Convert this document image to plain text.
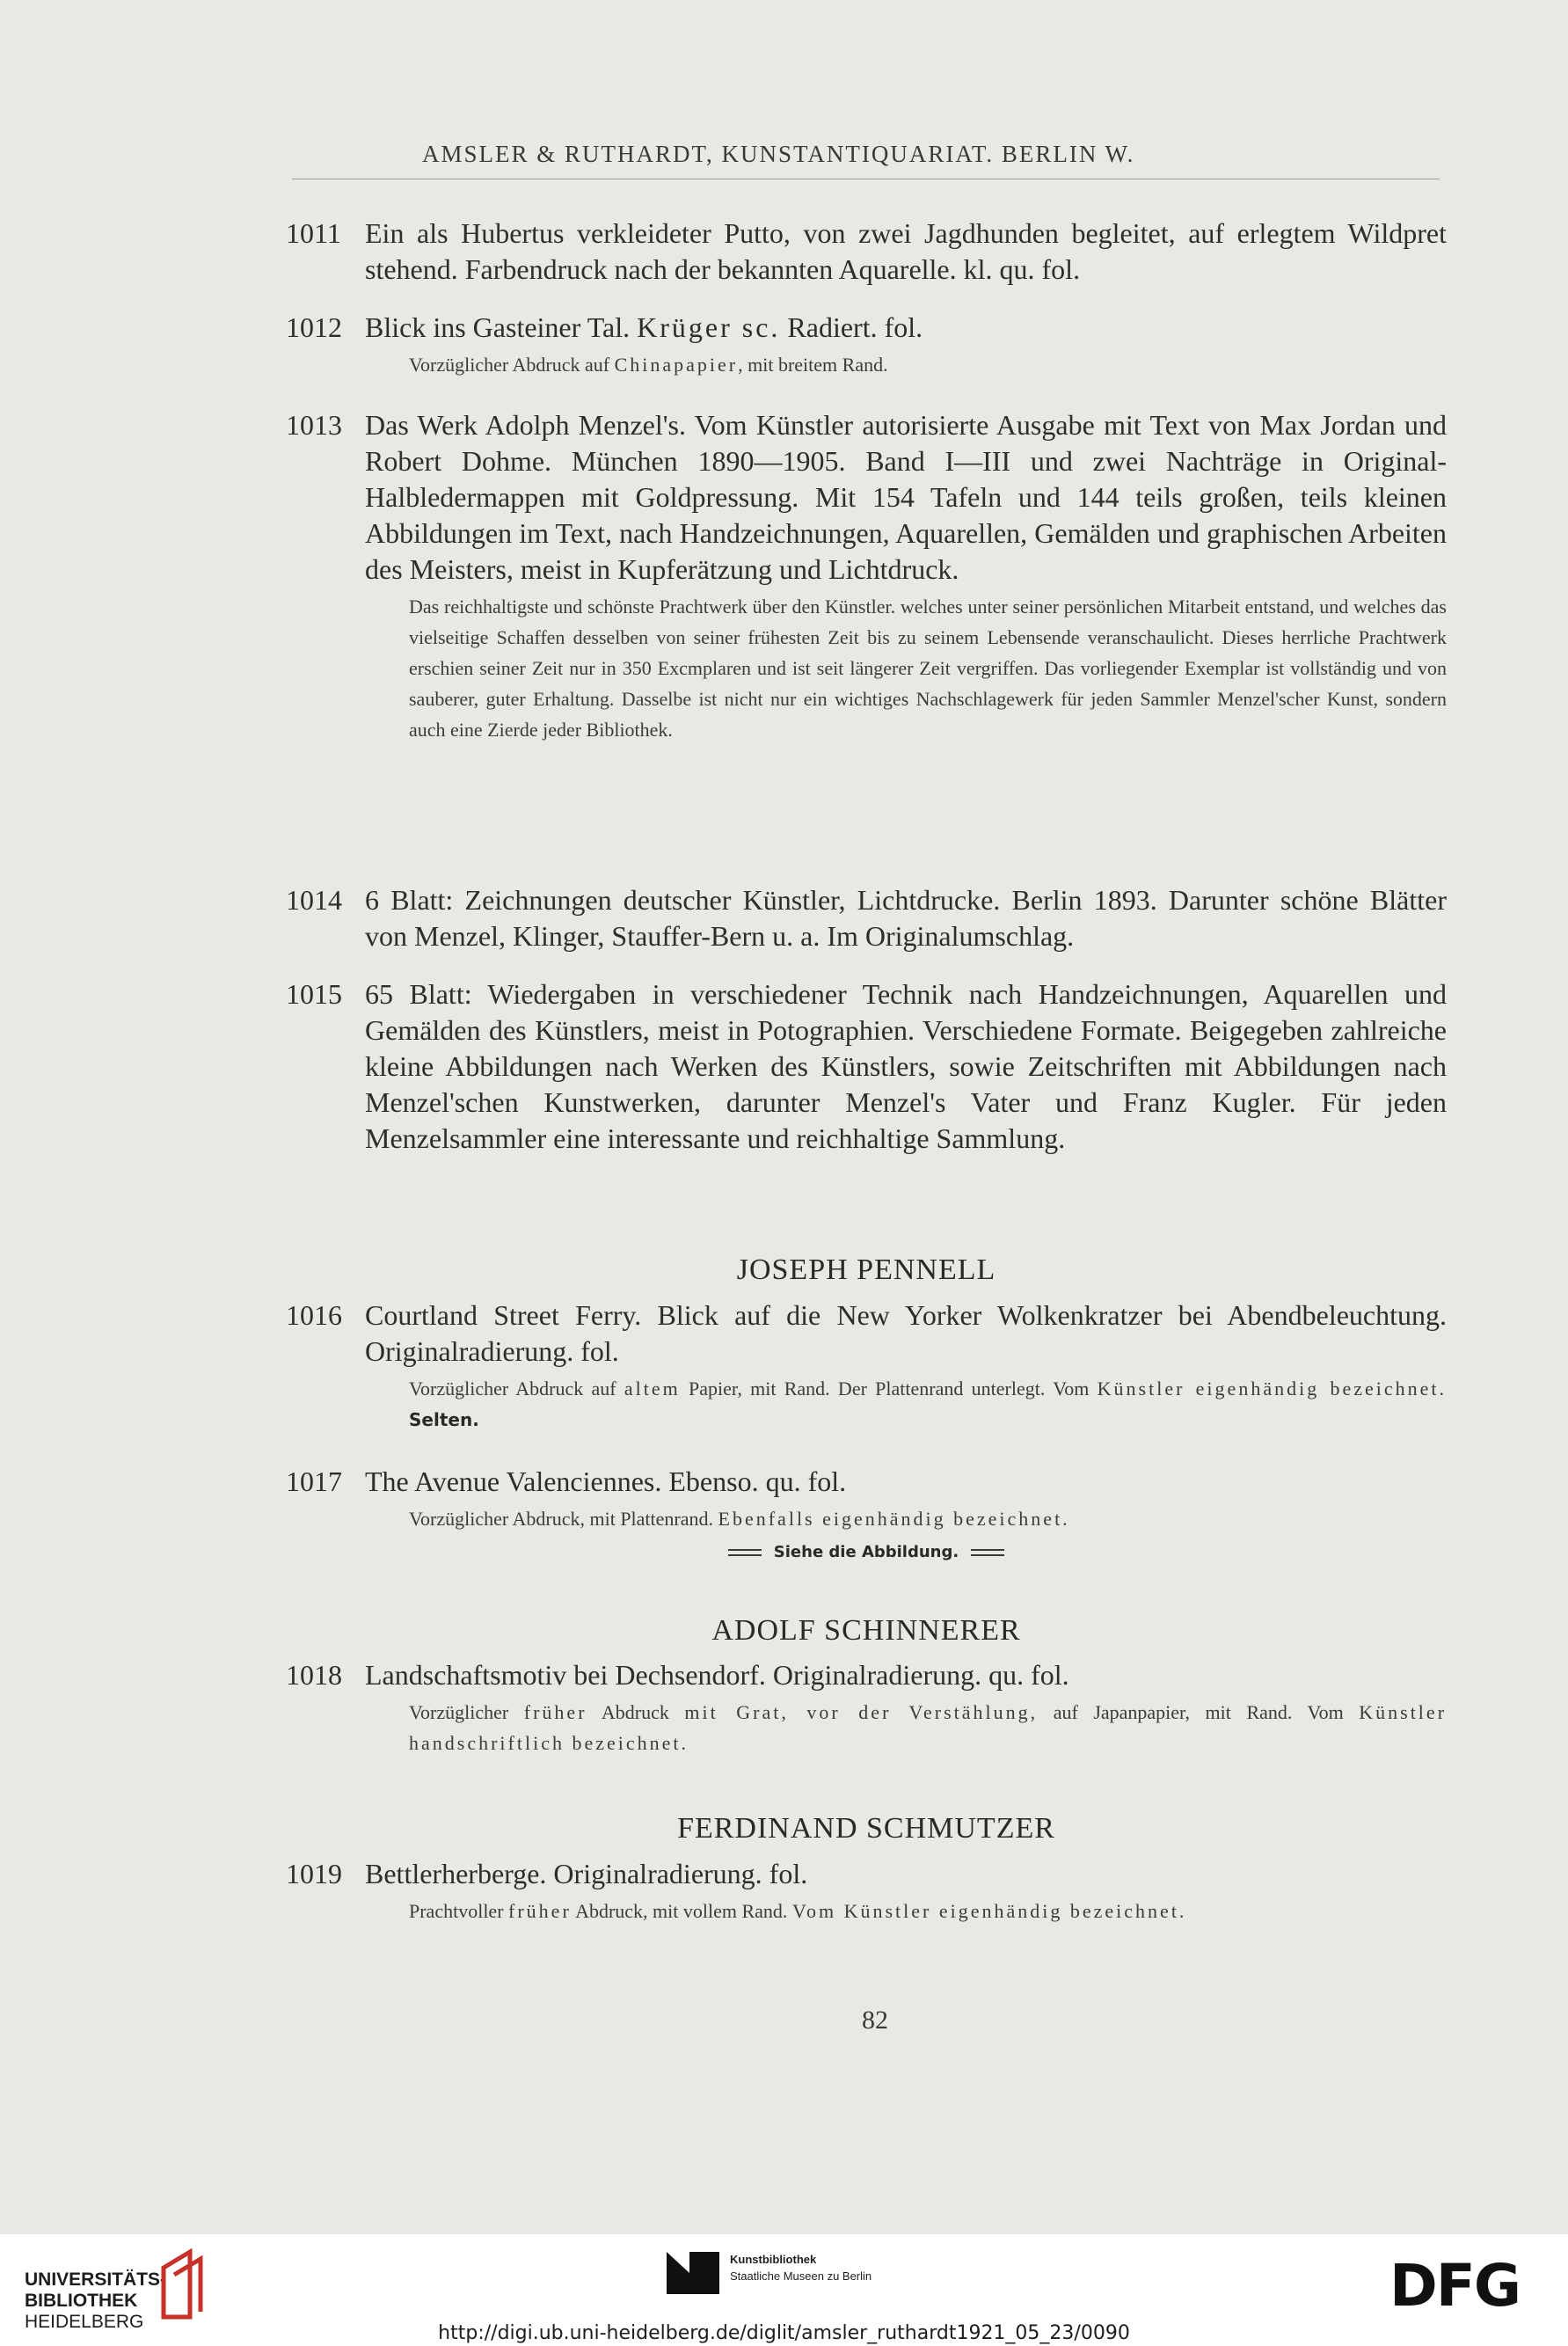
AMSLER & RUTHARDT, KUNSTANTIQUARIAT. BERLIN W.
1011 Ein als Hubertus verkleideter Putto, von zwei Jagdhunden begleitet, auf erlegtem Wildpret stehend. Farbendruck nach der bekannten Aquarelle. kl. qu. fol.
1012 Blick ins Gasteiner Tal. Krüger sc. Radiert. fol.
Vorzüglicher Abdruck auf Chinapapier, mit breitem Rand.
1013 Das Werk Adolph Menzel's. Vom Künstler autorisierte Ausgabe mit Text von Max Jordan und Robert Dohme. München 1890—1905. Band I—III und zwei Nachträge in Original-Halbledermappen mit Goldpressung. Mit 154 Tafeln und 144 teils großen, teils kleinen Abbildungen im Text, nach Handzeichnungen, Aquarellen, Gemälden und graphischen Arbeiten des Meisters, meist in Kupferätzung und Lichtdruck.
Das reichhaltigste und schönste Prachtwerk über den Künstler. welches unter seiner persönlichen Mitarbeit entstand, und welches das vielseitige Schaffen desselben von seiner frühesten Zeit bis zu seinem Lebensende veranschaulicht. Dieses herrliche Prachtwerk erschien seiner Zeit nur in 350 Excmplaren und ist seit längerer Zeit vergriffen. Das vorliegender Exemplar ist vollständig und von sauberer, guter Erhaltung. Dasselbe ist nicht nur ein wichtiges Nachschlagewerk für jeden Sammler Menzel'scher Kunst, sondern auch eine Zierde jeder Bibliothek.
1014 6 Blatt: Zeichnungen deutscher Künstler, Lichtdrucke. Berlin 1893. Darunter schöne Blätter von Menzel, Klinger, Stauffer-Bern u. a. Im Originalumschlag.
1015 65 Blatt: Wiedergaben in verschiedener Technik nach Handzeichnungen, Aquarellen und Gemälden des Künstlers, meist in Potographien. Verschiedene Formate. Beigegeben zahlreiche kleine Abbildungen nach Werken des Künstlers, sowie Zeitschriften mit Abbildungen nach Menzel'schen Kunstwerken, darunter Menzel's Vater und Franz Kugler. Für jeden Menzelsammler eine interessante und reichhaltige Sammlung.
JOSEPH PENNELL
1016 Courtland Street Ferry. Blick auf die New Yorker Wolkenkratzer bei Abendbeleuchtung. Originalradierung. fol.
Vorzüglicher Abdruck auf altem Papier, mit Rand. Der Plattenrand unterlegt. Vom Künstler eigenhändig bezeichnet. Selten.
1017 The Avenue Valenciennes. Ebenso. qu. fol.
Vorzüglicher Abdruck, mit Plattenrand. Ebenfalls eigenhändig bezeichnet.
Siehe die Abbildung.
ADOLF SCHINNERER
1018 Landschaftsmotiv bei Dechsendorf. Originalradierung. qu. fol.
Vorzüglicher früher Abdruck mit Grat, vor der Verstählung, auf Japanpapier, mit Rand. Vom Künstler handschriftlich bezeichnet.
FERDINAND SCHMUTZER
1019 Bettlerherberge. Originalradierung. fol.
Prachtvoller früher Abdruck, mit vollem Rand. Vom Künstler eigenhändig bezeichnet.
82
UNIVERSITÄTS-
BIBLIOTHEK
HEIDELBERG
Kunstbibliothek
Staatliche Museen zu Berlin	DFG
http://digi.ub.uni-heidelberg.de/diglit/amsler_ruthardt1921_05_23/0090
